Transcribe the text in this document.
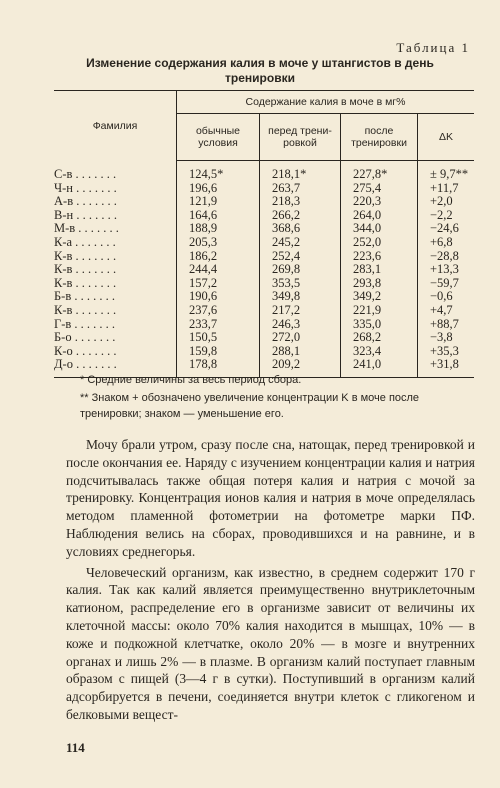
Таблица 1
Изменение содержания калия в моче у штангистов в день тренировки
Фамилия	Содержание калия в моче в мг%			
	обычные условия	перед трени-ровкой	после тренировки	ΔK
С-в . . . . . . .	124,5*	218,1*	227,8*	± 9,7**
Ч-н . . . . . . .	196,6	263,7	275,4	+11,7
А-в . . . . . . .	121,9	218,3	220,3	+2,0
В-н . . . . . . .	164,6	266,2	264,0	−2,2
М-в . . . . . . .	188,9	368,6	344,0	−24,6
К-а . . . . . . .	205,3	245,2	252,0	+6,8
К-в . . . . . . .	186,2	252,4	223,6	−28,8
К-в . . . . . . .	244,4	269,8	283,1	+13,3
К-в . . . . . . .	157,2	353,5	293,8	−59,7
Б-в . . . . . . .	190,6	349,8	349,2	−0,6
К-в . . . . . . .	237,6	217,2	221,9	+4,7
Г-в . . . . . . .	233,7	246,3	335,0	+88,7
Б-о . . . . . . .	150,5	272,0	268,2	−3,8
К-о . . . . . . .	159,8	288,1	323,4	+35,3
Д-о . . . . . . .	178,8	209,2	241,0	+31,8

* Средние величины за весь период сбора.

** Знаком + обозначено увеличение концентрации K в моче после тренировки; знаком — уменьшение его.

Мочу брали утром, сразу после сна, натощак, перед тренировкой и после окончания ее. Наряду с изучением концентрации калия и натрия подсчитывалась также общая потеря калия и натрия с мочой за тренировку. Концентрация ионов калия и натрия в моче определялась методом пламенной фотометрии на фотометре марки ПФ. Наблюдения велись на сборах, проводившихся и на равнине, и в условиях среднегорья.

Человеческий организм, как известно, в среднем содержит 170 г калия. Так как калий является преимущественно внутриклеточным катионом, распределение его в организме зависит от величины их клеточной массы: около 70% калия находится в мышцах, 10% — в коже и подкожной клетчатке, около 20% — в мозге и внутренних органах и лишь 2% — в плазме. В организм калий поступает главным образом с пищей (3—4 г в сутки). Поступивший в организм калий адсорбируется в печени, соединяется внутри клеток с гликогеном и белковыми вещест-

114
